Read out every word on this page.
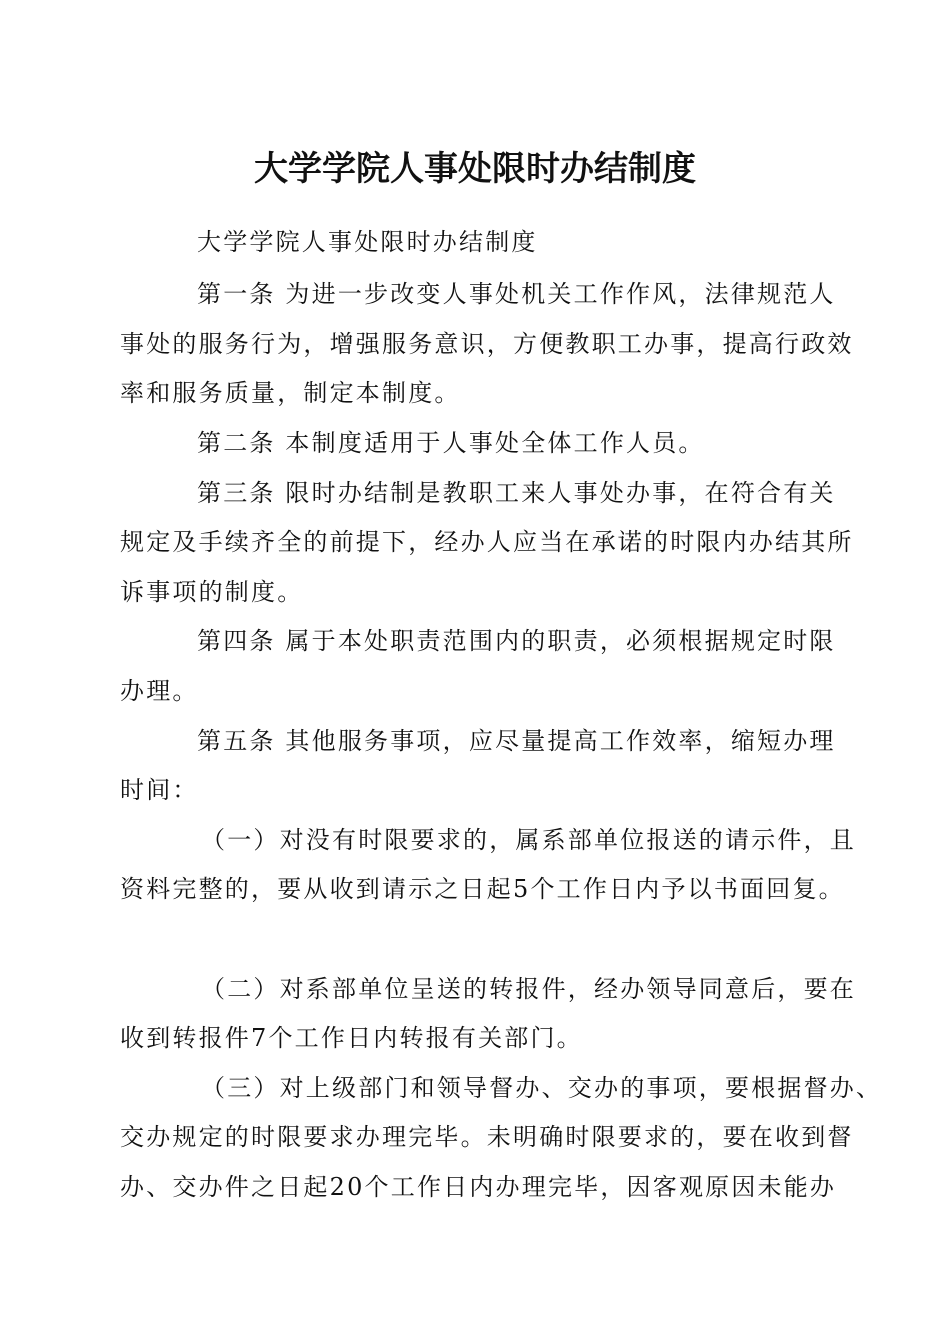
大学学院人事处限时办结制度
大学学院人事处限时办结制度
第一条 为进一步改变人事处机关工作作风，法律规范人
事处的服务行为，增强服务意识，方便教职工办事，提高行政效
率和服务质量，制定本制度。
第二条 本制度适用于人事处全体工作人员。
第三条 限时办结制是教职工来人事处办事，在符合有关
规定及手续齐全的前提下，经办人应当在承诺的时限内办结其所
诉事项的制度。
第四条 属于本处职责范围内的职责，必须根据规定时限
办理。
第五条 其他服务事项，应尽量提高工作效率，缩短办理
时间：
（一）对没有时限要求的，属系部单位报送的请示件，且
资料完整的，要从收到请示之日起5个工作日内予以书面回复。
（二）对系部单位呈送的转报件，经办领导同意后，要在
收到转报件7个工作日内转报有关部门。
（三）对上级部门和领导督办、交办的事项，要根据督办、
交办规定的时限要求办理完毕。未明确时限要求的，要在收到督
办、交办件之日起20个工作日内办理完毕，因客观原因未能办
